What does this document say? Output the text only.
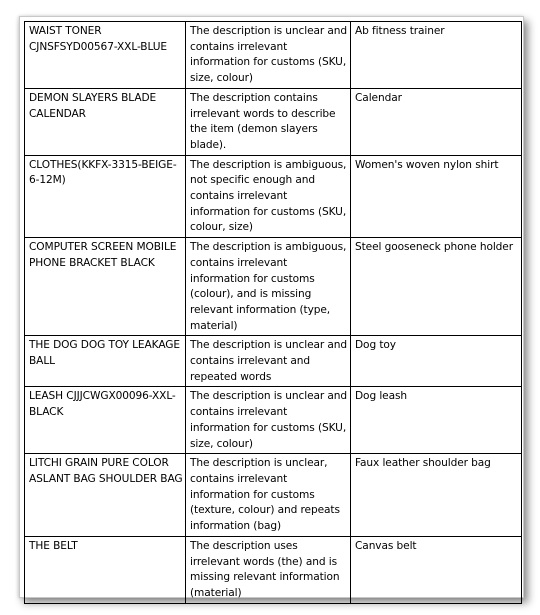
WAIST TONER CJNSFSYD00567-XXL-BLUE	The description is unclear and contains irrelevant information for customs (SKU, size, colour)	Ab fitness trainer
DEMON SLAYERS BLADE CALENDAR	The description contains irrelevant words to describe the item (demon slayers blade).	Calendar
CLOTHES(KKFX-3315-BEIGE-6-12M)	The description is ambiguous, not specific enough and contains irrelevant information for customs (SKU, colour, size)	Women's woven nylon shirt
COMPUTER SCREEN MOBILE PHONE BRACKET BLACK	The description is ambiguous, contains irrelevant information for customs (colour), and is missing relevant information (type, material)	Steel gooseneck phone holder
THE DOG DOG TOY LEAKAGE BALL	The description is unclear and contains irrelevant and repeated words	Dog toy
LEASH CJJJCWGX00096-XXL-BLACK	The description is unclear and contains irrelevant information for customs (SKU, size, colour)	Dog leash
LITCHI GRAIN PURE COLOR ASLANT BAG SHOULDER BAG	The description is unclear, contains irrelevant information for customs (texture, colour) and repeats information (bag)	Faux leather shoulder bag
THE BELT	The description uses irrelevant words (the) and is missing relevant information (material)	Canvas belt
